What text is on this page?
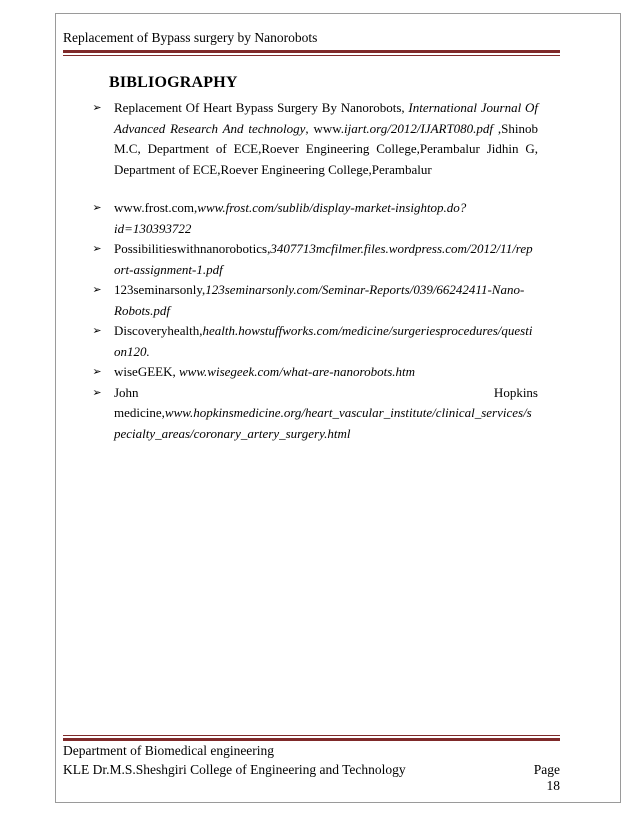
Replacement of Bypass surgery by Nanorobots
BIBLIOGRAPHY
➢ Replacement Of Heart Bypass Surgery By Nanorobots, International Journal Of Advanced Research And technology, www.ijart.org/2012/IJART080.pdf ,Shinob M.C, Department of ECE,Roever Engineering College,Perambalur Jidhin G, Department of ECE,Roever Engineering College,Perambalur
➢ www.frost.com,www.frost.com/sublib/display-market-insightop.do?id=130393722
➢ Possibilitieswithnanorobotics,3407713mcfilmer.files.wordpress.com/2012/11/report-assignment-1.pdf
➢ 123seminarsonly,123seminarsonly.com/Seminar-Reports/039/66242411-Nano-Robots.pdf
➢ Discoveryhealth,health.howstuffworks.com/medicine/surgeriesprocedures/question120.
➢ wiseGEEK, www.wisegeek.com/what-are-nanorobots.htm
➢ John Hopkins medicine,www.hopkinsmedicine.org/heart_vascular_institute/clinical_services/specialty_areas/coronary_artery_surgery.html
Department of Biomedical engineering
KLE Dr.M.S.Sheshgiri College of Engineering and Technology	Page 18
